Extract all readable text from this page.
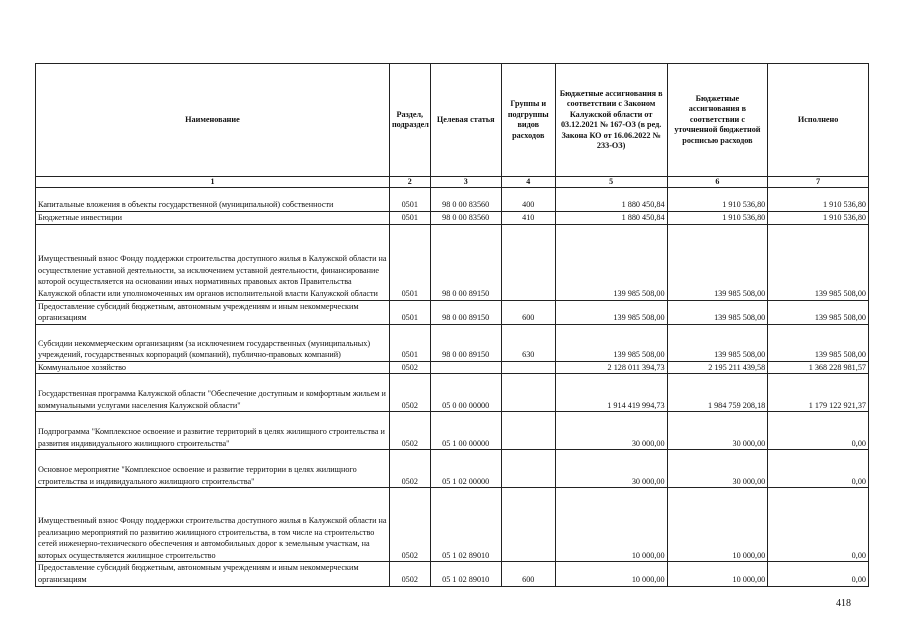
Наименование	Раздел, подраздел	Целевая статья	Группы и подгруппы видов расходов	Бюджетные ассигнования в соответствии с Законом Калужской области от 03.12.2021 № 167-ОЗ (в ред. Закона КО от 16.06.2022 № 233-ОЗ)	Бюджетные ассигнования в соответствии с уточненной бюджетной росписью расходов	Исполнено
1	2	3	4	5	6	7
Капитальные вложения в объекты государственной (муниципальной) собственности	0501	98 0 00 83560	400	1 880 450,84	1 910 536,80	1 910 536,80
Бюджетные инвестиции	0501	98 0 00 83560	410	1 880 450,84	1 910 536,80	1 910 536,80
Имущественный взнос Фонду поддержки строительства доступного жилья в Калужской области на осуществление уставной деятельности, за исключением уставной деятельности, финансирование которой осуществляется на основании иных нормативных правовых актов Правительства Калужской области или уполномоченных им органов исполнительной власти Калужской области	0501	98 0 00 89150		139 985 508,00	139 985 508,00	139 985 508,00
Предоставление субсидий бюджетным, автономным учреждениям и иным некоммерческим организациям	0501	98 0 00 89150	600	139 985 508,00	139 985 508,00	139 985 508,00
Субсидии некоммерческим организациям (за исключением государственных (муниципальных) учреждений, государственных корпораций (компаний), публично-правовых компаний)	0501	98 0 00 89150	630	139 985 508,00	139 985 508,00	139 985 508,00
Коммунальное хозяйство	0502			2 128 011 394,73	2 195 211 439,58	1 368 228 981,57
Государственная программа Калужской области "Обеспечение доступным и комфортным жильем и коммунальными услугами населения Калужской области"	0502	05 0 00 00000		1 914 419 994,73	1 984 759 208,18	1 179 122 921,37
Подпрограмма "Комплексное освоение и развитие территорий в целях жилищного строительства и развития индивидуального жилищного строительства"	0502	05 1 00 00000		30 000,00	30 000,00	0,00
Основное мероприятие "Комплексное освоение и развитие территории в целях жилищного строительства и индивидуального жилищного строительства"	0502	05 1 02 00000		30 000,00	30 000,00	0,00
Имущественный взнос Фонду поддержки строительства доступного жилья в Калужской области на реализацию мероприятий по развитию жилищного строительства, в том числе на строительство сетей инженерно-технического обеспечения и автомобильных дорог к земельным участкам, на которых осуществляется жилищное строительство	0502	05 1 02 89010		10 000,00	10 000,00	0,00
Предоставление субсидий бюджетным, автономным учреждениям и иным некоммерческим организациям	0502	05 1 02 89010	600	10 000,00	10 000,00	0,00
418
